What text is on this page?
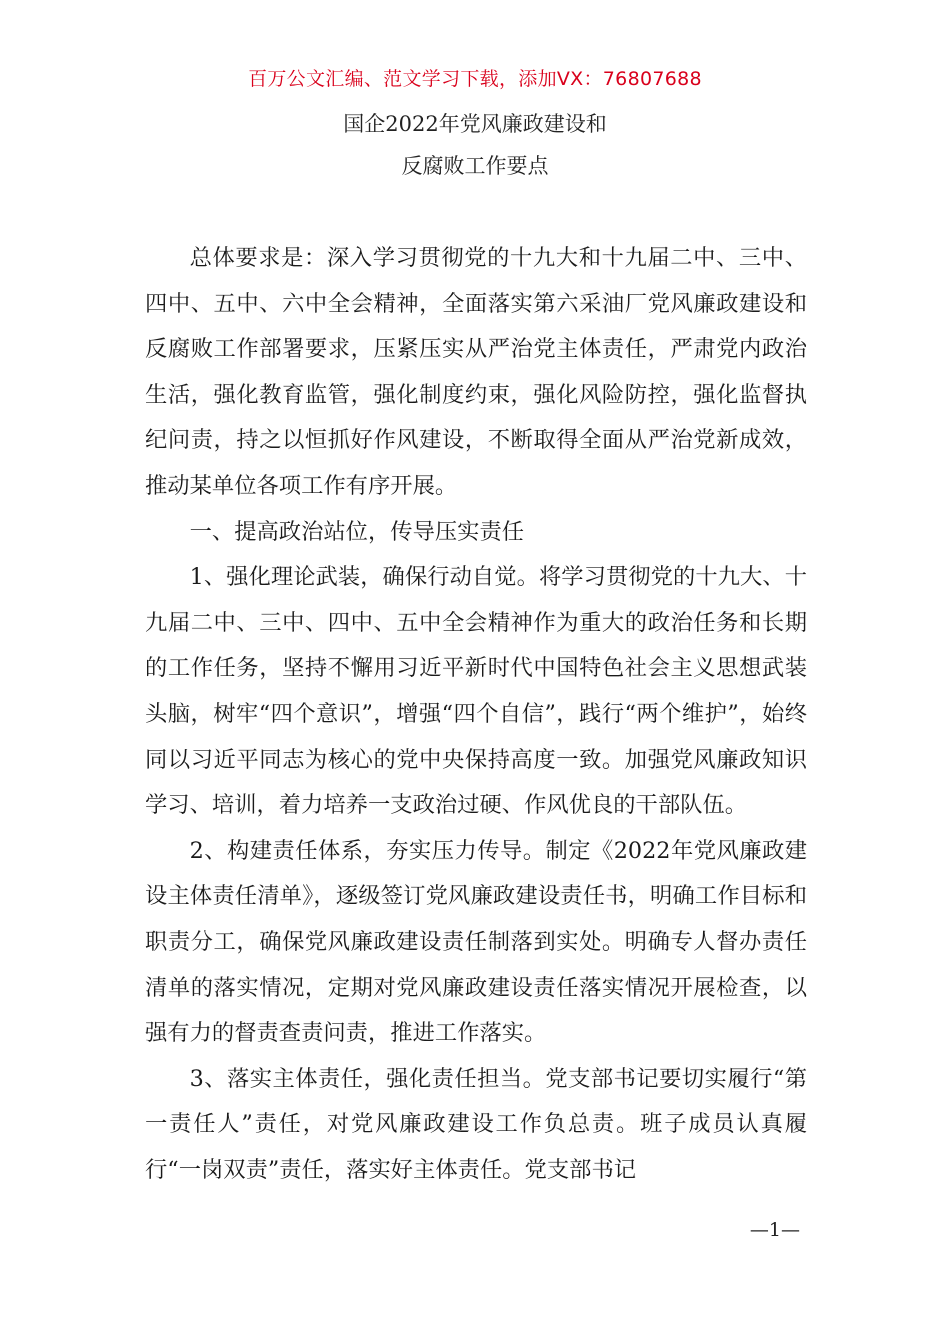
百万公文汇编、范文学习下载，添加VX：76807688
国企2022年党风廉政建设和
反腐败工作要点

总体要求是：深入学习贯彻党的十九大和十九届二中、三中、四中、五中、六中全会精神，全面落实第六采油厂党风廉政建设和反腐败工作部署要求，压紧压实从严治党主体责任，严肃党内政治生活，强化教育监管，强化制度约束，强化风险防控，强化监督执纪问责，持之以恒抓好作风建设，不断取得全面从严治党新成效，推动某单位各项工作有序开展。

一、提高政治站位，传导压实责任

1、强化理论武装，确保行动自觉。将学习贯彻党的十九大、十九届二中、三中、四中、五中全会精神作为重大的政治任务和长期的工作任务，坚持不懈用习近平新时代中国特色社会主义思想武装头脑，树牢“四个意识”，增强“四个自信”，践行“两个维护”，始终同以习近平同志为核心的党中央保持高度一致。加强党风廉政知识学习、培训，着力培养一支政治过硬、作风优良的干部队伍。

2、构建责任体系，夯实压力传导。制定《2022年党风廉政建设主体责任清单》，逐级签订党风廉政建设责任书，明确工作目标和职责分工，确保党风廉政建设责任制落到实处。明确专人督办责任清单的落实情况，定期对党风廉政建设责任落实情况开展检查，以强有力的督责查责问责，推进工作落实。

3、落实主体责任，强化责任担当。党支部书记要切实履行“第一责任人”责任，对党风廉政建设工作负总责。班子成员认真履行“一岗双责”责任，落实好主体责任。党支部书记

—1—
